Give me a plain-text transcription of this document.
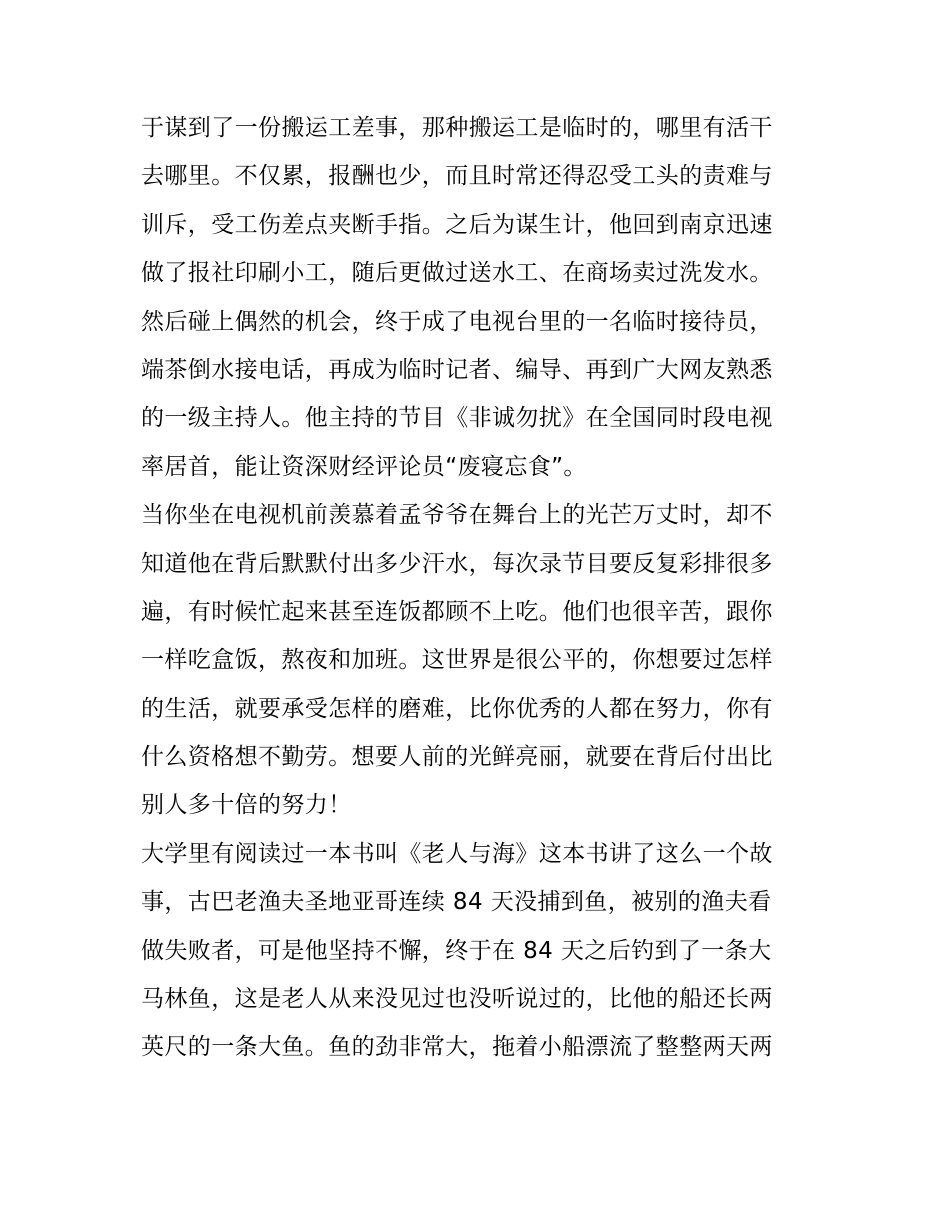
于谋到了一份搬运工差事，那种搬运工是临时的，哪里有活干
去哪里。不仅累，报酬也少，而且时常还得忍受工头的责难与
训斥，受工伤差点夹断手指。之后为谋生计，他回到南京迅速
做了报社印刷小工，随后更做过送水工、在商场卖过洗发水。
然后碰上偶然的机会，终于成了电视台里的一名临时接待员，
端茶倒水接电话，再成为临时记者、编导、再到广大网友熟悉
的一级主持人。他主持的节目《非诚勿扰》在全国同时段电视
率居首，能让资深财经评论员“废寝忘食”。
当你坐在电视机前羡慕着孟爷爷在舞台上的光芒万丈时，却不
知道他在背后默默付出多少汗水，每次录节目要反复彩排很多
遍，有时候忙起来甚至连饭都顾不上吃。他们也很辛苦，跟你
一样吃盒饭，熬夜和加班。这世界是很公平的，你想要过怎样
的生活，就要承受怎样的磨难，比你优秀的人都在努力，你有
什么资格想不勤劳。想要人前的光鲜亮丽，就要在背后付出比
别人多十倍的努力！
大学里有阅读过一本书叫《老人与海》这本书讲了这么一个故
事，古巴老渔夫圣地亚哥连续 84 天没捕到鱼，被别的渔夫看
做失败者，可是他坚持不懈，终于在 84 天之后钓到了一条大
马林鱼，这是老人从来没见过也没听说过的，比他的船还长两
英尺的一条大鱼。鱼的劲非常大，拖着小船漂流了整整两天两
